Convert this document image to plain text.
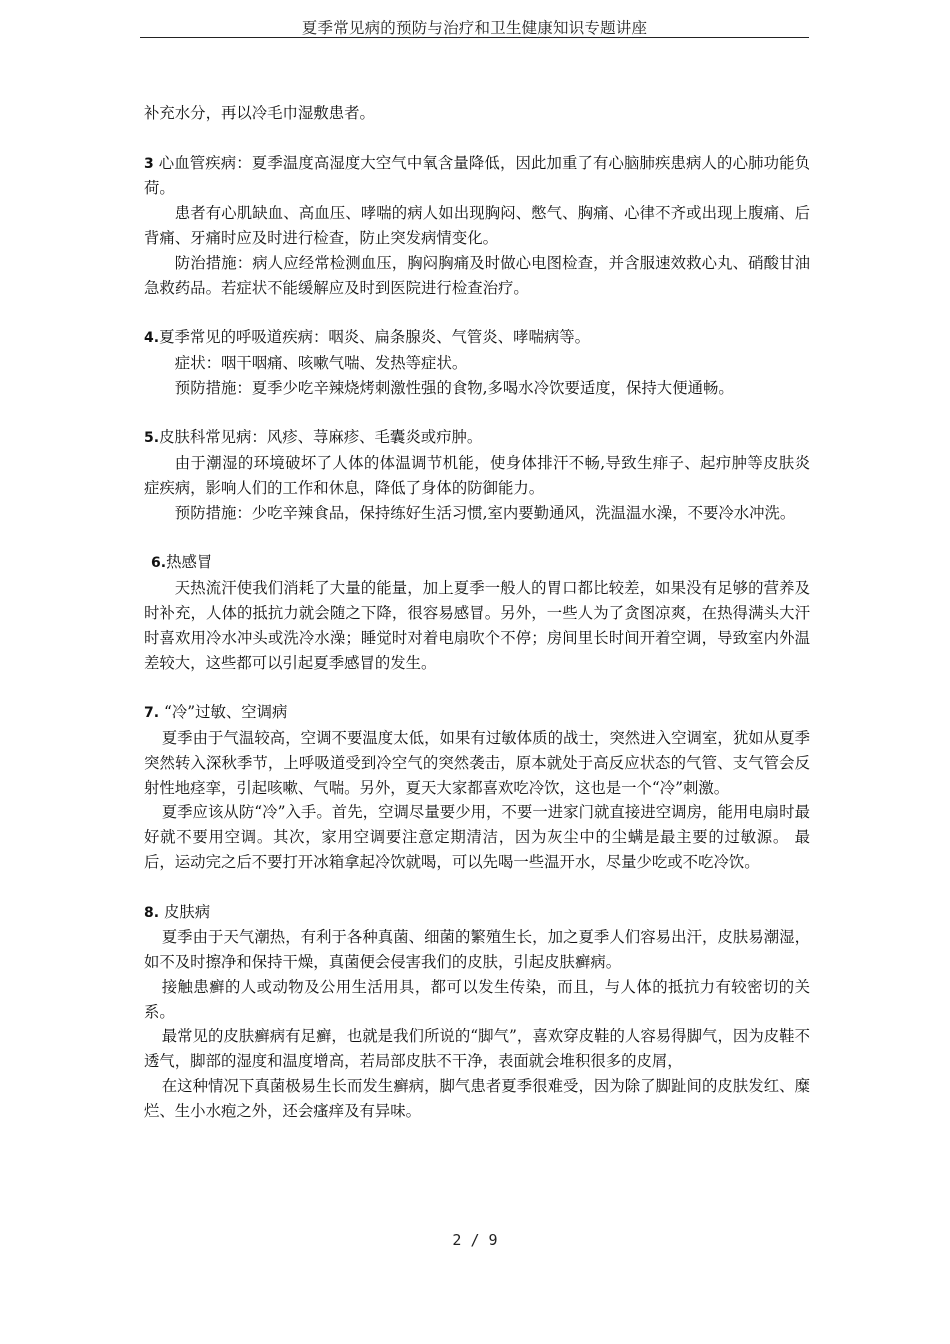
夏季常见病的预防与治疗和卫生健康知识专题讲座

补充水分，再以冷毛巾湿敷患者。

3 心血管疾病：夏季温度高湿度大空气中氧含量降低，因此加重了有心脑肺疾患病人的心肺功能负荷。

患者有心肌缺血、高血压、哮喘的病人如出现胸闷、憋气、胸痛、心律不齐或出现上腹痛、后背痛、牙痛时应及时进行检查，防止突发病情变化。

防治措施：病人应经常检测血压，胸闷胸痛及时做心电图检查，并含服速效救心丸、硝酸甘油急救药品。若症状不能缓解应及时到医院进行检查治疗。

4.夏季常见的呼吸道疾病：咽炎、扁条腺炎、气管炎、哮喘病等。

症状：咽干咽痛、咳嗽气喘、发热等症状。

预防措施：夏季少吃辛辣烧烤刺激性强的食物,多喝水冷饮要适度，保持大便通畅。

5.皮肤科常见病：风疹、荨麻疹、毛囊炎或疖肿。

由于潮湿的环境破坏了人体的体温调节机能，使身体排汗不畅,导致生痱子、起疖肿等皮肤炎症疾病，影响人们的工作和休息，降低了身体的防御能力。

预防措施：少吃辛辣食品，保持练好生活习惯,室内要勤通风，洗温温水澡，不要冷水冲洗。

6.热感冒

天热流汗使我们消耗了大量的能量，加上夏季一般人的胃口都比较差，如果没有足够的营养及时补充，人体的抵抗力就会随之下降，很容易感冒。另外，一些人为了贪图凉爽，在热得满头大汗时喜欢用冷水冲头或洗冷水澡；睡觉时对着电扇吹个不停；房间里长时间开着空调，导致室内外温差较大，这些都可以引起夏季感冒的发生。

7. “冷”过敏、空调病

夏季由于气温较高，空调不要温度太低，如果有过敏体质的战士，突然进入空调室，犹如从夏季突然转入深秋季节，上呼吸道受到冷空气的突然袭击，原本就处于高反应状态的气管、支气管会反射性地痉挛，引起咳嗽、气喘。另外，夏天大家都喜欢吃冷饮，这也是一个“冷”刺激。

夏季应该从防“冷”入手。首先，空调尽量要少用，不要一进家门就直接进空调房，能用电扇时最好就不要用空调。其次，家用空调要注意定期清洁，因为灰尘中的尘螨是最主要的过敏源。 最后，运动完之后不要打开冰箱拿起冷饮就喝，可以先喝一些温开水，尽量少吃或不吃冷饮。

8. 皮肤病

夏季由于天气潮热，有利于各种真菌、细菌的繁殖生长，加之夏季人们容易出汗，皮肤易潮湿，如不及时擦净和保持干燥，真菌便会侵害我们的皮肤，引起皮肤癣病。

接触患癣的人或动物及公用生活用具，都可以发生传染，而且，与人体的抵抗力有较密切的关系。

最常见的皮肤癣病有足癣，也就是我们所说的“脚气”，喜欢穿皮鞋的人容易得脚气，因为皮鞋不透气，脚部的湿度和温度增高，若局部皮肤不干净，表面就会堆积很多的皮屑，

在这种情况下真菌极易生长而发生癣病，脚气患者夏季很难受，因为除了脚趾间的皮肤发红、糜烂、生小水疱之外，还会瘙痒及有异味。

2 / 9
